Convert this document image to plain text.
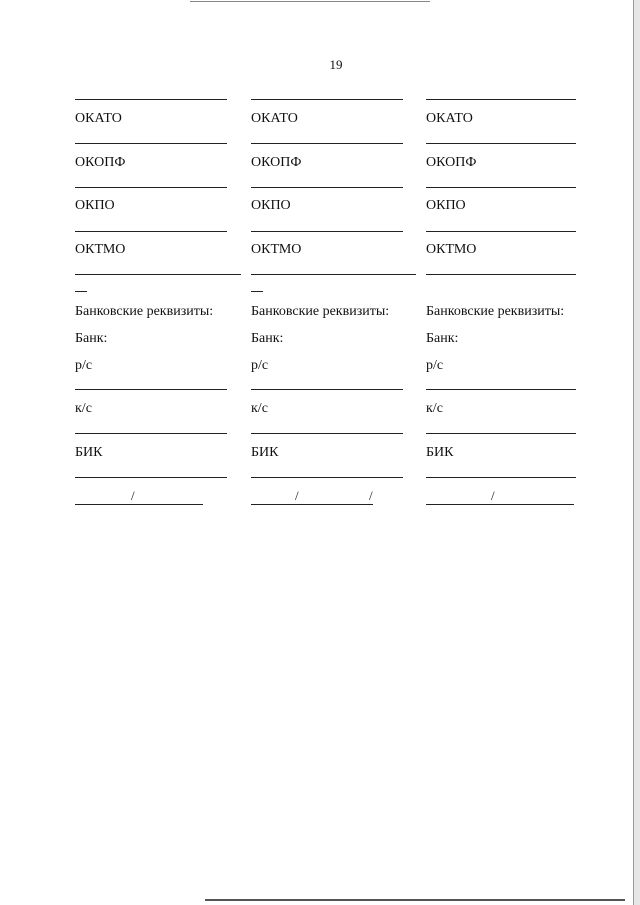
19
ОКАТО
ОКОПФ
ОКПО
ОКТМО
Банковские реквизиты:
Банк:
р/с
к/с
БИК
/
ОКАТО
ОКОПФ
ОКПО
ОКТМО
Банковские реквизиты:
Банк:
р/с
к/с
БИК
/	/
ОКАТО
ОКОПФ
ОКПО
ОКТМО
Банковские реквизиты:
Банк:
р/с
к/с
БИК
/
